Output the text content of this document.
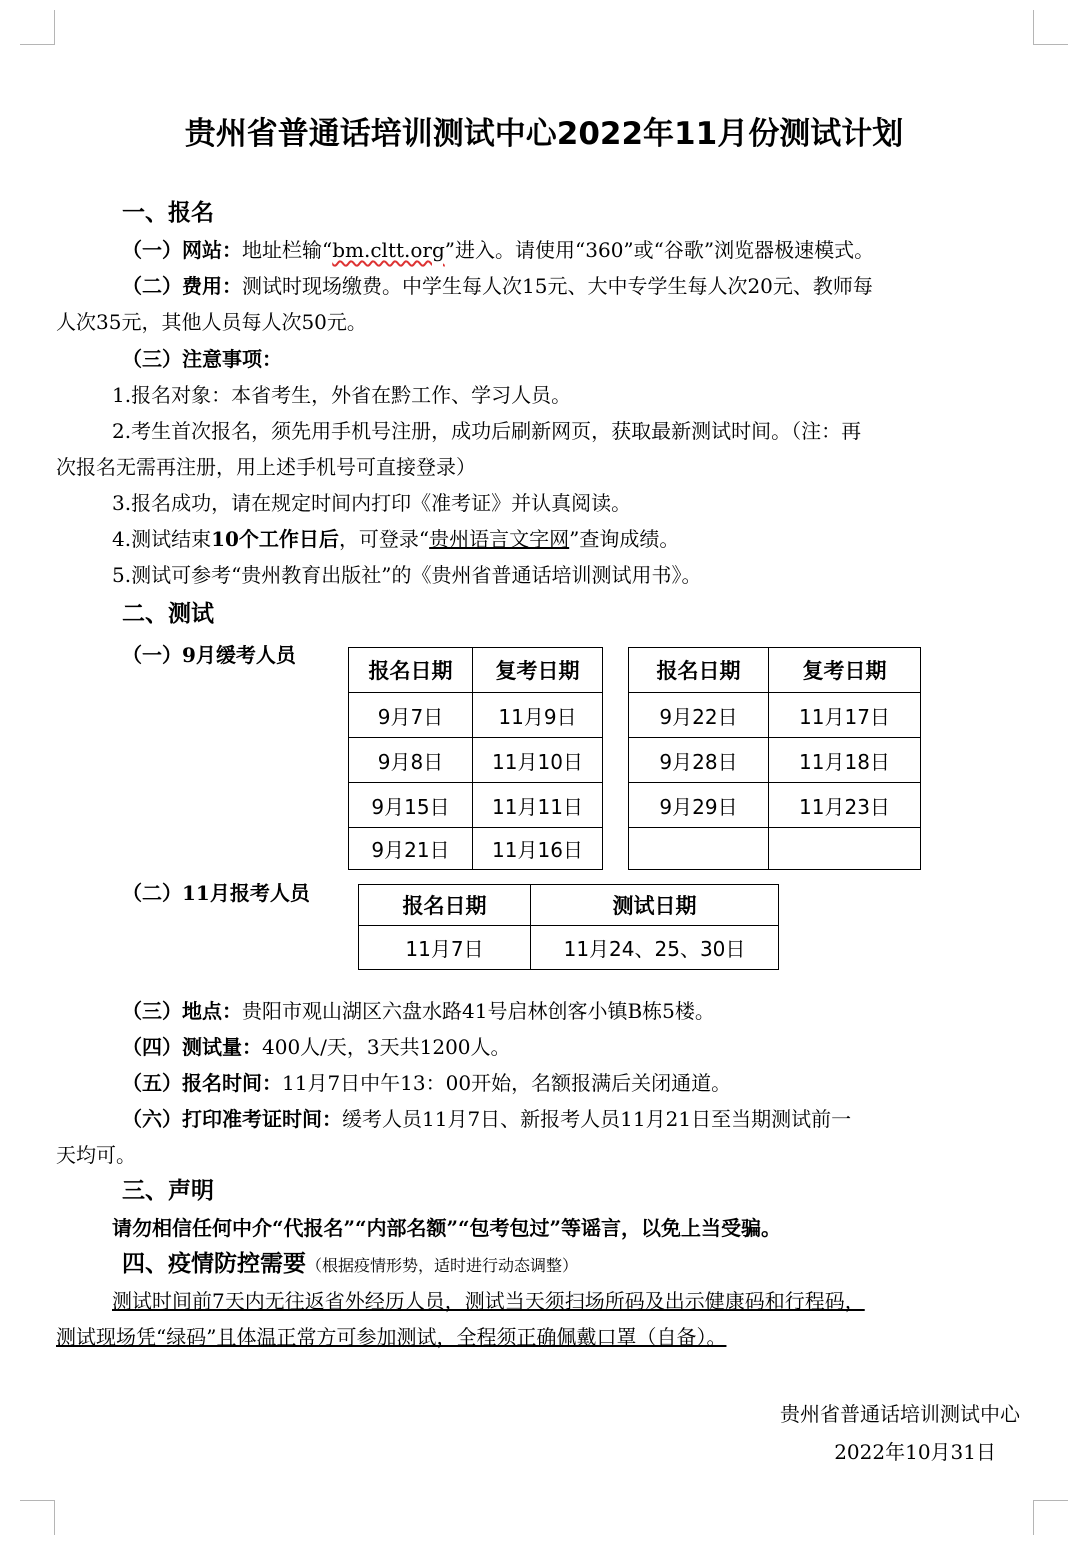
贵州省普通话培训测试中心2022年11月份测试计划
一、报名
（一）网站：地址栏输“bm.cltt.org”进入。请使用“360”或“谷歌”浏览器极速模式。
（二）费用：测试时现场缴费。中学生每人次15元、大中专学生每人次20元、教师每
人次35元，其他人员每人次50元。
（三）注意事项：
1.报名对象：本省考生，外省在黔工作、学习人员。
2.考生首次报名，须先用手机号注册，成功后刷新网页，获取最新测试时间。（注：再
次报名无需再注册，用上述手机号可直接登录）
3.报名成功，请在规定时间内打印《准考证》并认真阅读。
4.测试结束10个工作日后，可登录“贵州语言文字网”查询成绩。
5.测试可参考“贵州教育出版社”的《贵州省普通话培训测试用书》。
二、测试
（一）9月缓考人员
报名日期	复考日期		报名日期	复考日期
9月7日	11月9日		9月22日	11月17日
9月8日	11月10日		9月28日	11月18日
9月15日	11月11日		9月29日	11月23日
9月21日	11月16日			
（二）11月报考人员
报名日期	测试日期
11月7日	11月24、25、30日
（三）地点：贵阳市观山湖区六盘水路41号启林创客小镇B栋5楼。
（四）测试量：400人/天，3天共1200人。
（五）报名时间：11月7日中午13：00开始，名额报满后关闭通道。
（六）打印准考证时间：缓考人员11月7日、新报考人员11月21日至当期测试前一
天均可。
三、声明
请勿相信任何中介“代报名”“内部名额”“包考包过”等谣言，以免上当受骗。
四、疫情防控需要（根据疫情形势，适时进行动态调整）
测试时间前7天内无往返省外经历人员，测试当天须扫场所码及出示健康码和行程码，
测试现场凭“绿码”且体温正常方可参加测试，全程须正确佩戴口罩（自备）。
贵州省普通话培训测试中心
2022年10月31日
